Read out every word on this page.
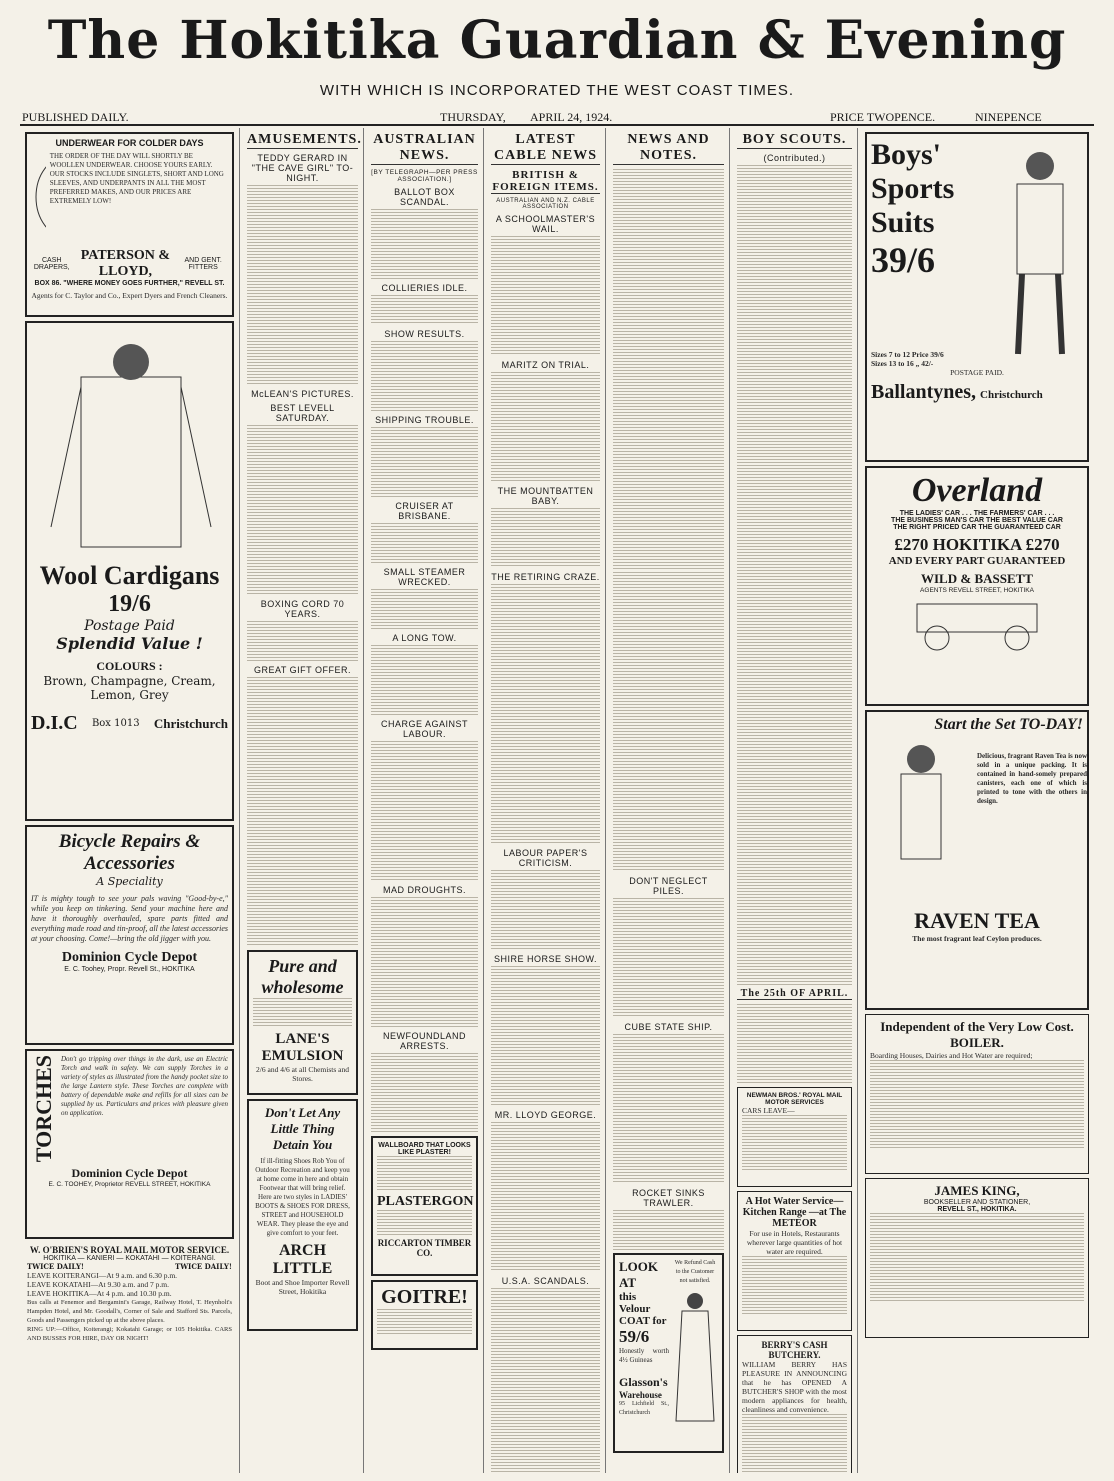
The Hokitika Guardian & Evening
WITH WHICH IS INCORPORATED THE WEST COAST TIMES.
PUBLISHED DAILY.	THURSDAY, APRIL 24, 1924.	PRICE TWOPENCE.	NINEPENCE
UNDERWEAR FOR COLDER DAYS
THE ORDER OF THE DAY WILL SHORTLY BE WOOLLEN UNDERWEAR. CHOOSE YOURS EARLY. OUR STOCKS INCLUDE SINGLETS, SHORT AND LONG SLEEVES, AND UNDERPANTS IN ALL THE MOST PREFERRED MAKES, AND OUR PRICES ARE EXTREMELY LOW!
CASH DRAPERS,
PATERSON & LLOYD,
AND GENT. FITTERS
BOX 86. "WHERE MONEY GOES FURTHER," REVELL ST.
Agents for C. Taylor and Co., Expert Dyers and French Cleaners.
Wool Cardigans
19/6
Postage Paid
Splendid Value !
COLOURS :
Brown, Champagne, Cream, Lemon, Grey
D.I.C Box 1013 Christchurch
Bicycle Repairs & Accessories
A Speciality
IT is mighty tough to see your pals waving "Good-by-e," while you keep on tinkering. Send your machine here and have it thoroughly overhauled, spare parts fitted and everything made road and tin-proof, all the latest accessories at your choosing. Come!—bring the old jigger with you.
Dominion Cycle Depot
E. C. Toohey, Propr. Revell St., HOKITIKA
TORCHES Don't go tripping over things in the dark, use an Electric Torch and walk in safety. We can supply Torches in a variety of styles as illustrated from the handy pocket size to the large Lantern style. These Torches are complete with battery of dependable make and refills for all sizes can be supplied by us. Particulars and prices with pleasure given on application.
Dominion Cycle Depot
E. C. TOOHEY, Proprietor REVELL STREET, HOKITIKA
W. O'BRIEN'S ROYAL MAIL MOTOR SERVICE.
HOKITIKA — KANIERI — KOKATAHI — KOITERANGI.
TWICE DAILY!	TWICE DAILY!
LEAVE KOITERANGI—At 9 a.m. and 6.30 p.m.
LEAVE KOKATAHI—At 9.30 a.m. and 7 p.m.
LEAVE HOKITIKA—At 4 p.m. and 10.30 p.m.
Bus calls at Fenemor and Bergamini's Garage, Railway Hotel, T. Heynholt's Hampden Hotel, and Mr. Goodall's, Corner of Sale and Stafford Sts. Parcels, Goods and Passengers picked up at the above places.
RING UP:—Office, Koiterangi; Kokatahi Garage; or 105 Hokitika. CARS AND BUSSES FOR HIRE, DAY OR NIGHT!
AMUSEMENTS.
TEDDY GERARD IN "THE CAVE GIRL" TO-NIGHT.
McLEAN'S PICTURES.
BEST LEVELL SATURDAY.
BOXING CORD 70 YEARS.
GREAT GIFT OFFER.
Pure and wholesome
LANE'S EMULSION
2/6 and 4/6 at all Chemists and Stores.
Don't Let Any
Little Thing
Detain You
If ill-fitting Shoes Rob You of Outdoor Recreation and keep you at home come in here and obtain Footwear that will bring relief. Here are two styles in LADIES' BOOTS & SHOES FOR DRESS, STREET and HOUSEHOLD WEAR. They please the eye and give comfort to your feet.
ARCH LITTLE
Boot and Shoe Importer Revell Street, Hokitika
AUSTRALIAN NEWS.
[BY TELEGRAPH—PER PRESS ASSOCIATION.]
BALLOT BOX SCANDAL.
COLLIERIES IDLE.
SHOW RESULTS.
SHIPPING TROUBLE.
CRUISER AT BRISBANE.
SMALL STEAMER WRECKED.
A LONG TOW.
CHARGE AGAINST LABOUR.
MAD DROUGHTS.
NEWFOUNDLAND ARRESTS.
WALLBOARD THAT LOOKS LIKE PLASTER!
PLASTERGON
RICCARTON TIMBER CO.
GOITRE!
LATEST CABLE NEWS
BRITISH & FOREIGN ITEMS.
AUSTRALIAN AND N.Z. CABLE ASSOCIATION
A SCHOOLMASTER'S WAIL.
MARITZ ON TRIAL.
THE MOUNTBATTEN BABY.
THE RETIRING CRAZE.
LABOUR PAPER'S CRITICISM.
SHIRE HORSE SHOW.
MR. LLOYD GEORGE.
U.S.A. SCANDALS.
NEWS AND NOTES.
DON'T NEGLECT PILES.
CUBE STATE SHIP.
ROCKET SINKS TRAWLER.
LOOK AT
this Velour
COAT for
59/6
Honestly worth 4½ Guineas
Glasson's
Warehouse
95 Lichfield St., Christchurch
We Refund Cash to the Customer not satisfied.
BOY SCOUTS.
(Contributed.)
The 25th OF APRIL.
NEWMAN BROS.' ROYAL MAIL MOTOR SERVICES
CARS LEAVE—
A Hot Water Service—Kitchen Range —at The METEOR
For use in Hotels, Restaurants wherever large quantities of hot water are required.
BERRY'S CASH BUTCHERY.
WILLIAM BERRY HAS PLEASURE IN ANNOUNCING that he has OPENED A BUTCHER'S SHOP with the most modern appliances for health, cleanliness and convenience.
Boys'
Sports
Suits
39/6
Sizes 7 to 12 Price 39/6
Sizes 13 to 16 „ 42/-
POSTAGE PAID.
Ballantynes, Christchurch
Overland
THE LADIES' CAR . . . THE FARMERS' CAR . . .
THE BUSINESS MAN'S CAR THE BEST VALUE CAR
THE RIGHT PRICED CAR THE GUARANTEED CAR
£270 HOKITIKA £270
AND EVERY PART GUARANTEED
WILD & BASSETT
AGENTS REVELL STREET, HOKITIKA
Start the Set TO-DAY!
Delicious, fragrant Raven Tea is now sold in a unique packing. It is contained in hand-somely prepared canisters, each one of which is printed to tone with the others in design.
RAVEN TEA
The most fragrant leaf Ceylon produces.
Independent of the Very Low Cost. BOILER.
Boarding Houses, Dairies and Hot Water are required;
JAMES KING,
BOOKSELLER AND STATIONER,
REVELL ST., HOKITIKA.
